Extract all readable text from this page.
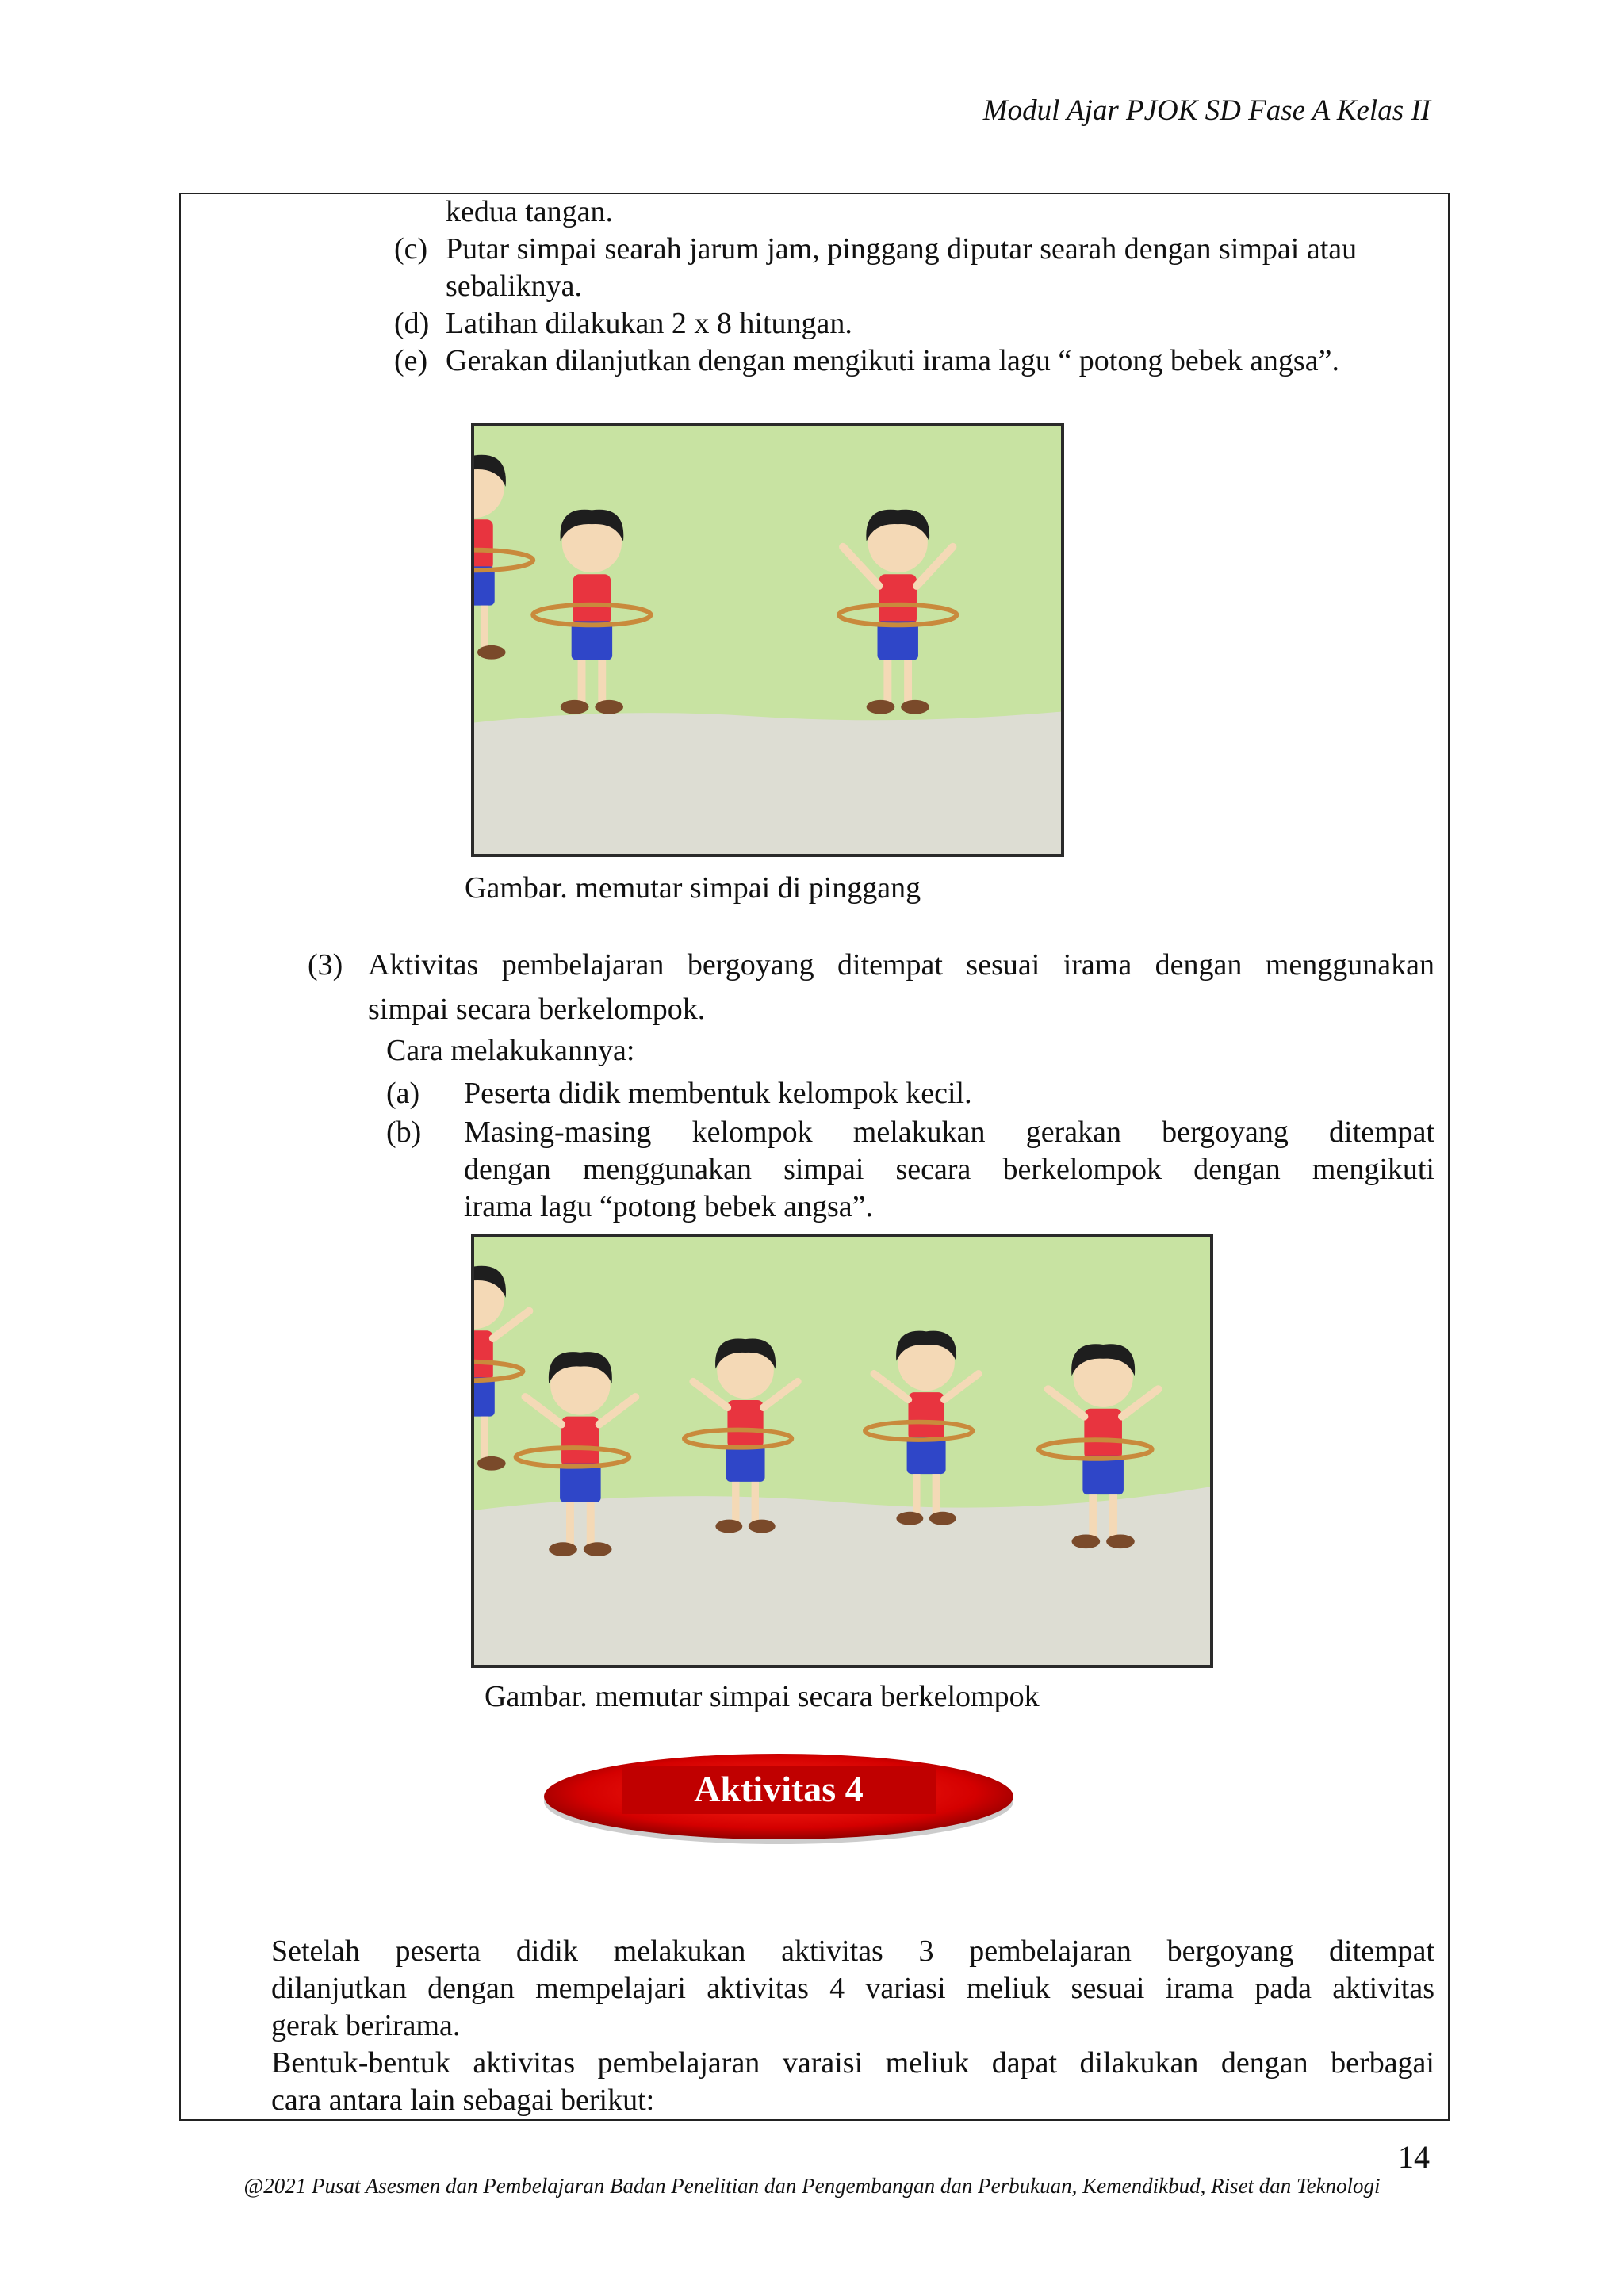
Modul Ajar PJOK SD Fase A Kelas II
kedua tangan.
(c) Putar simpai searah jarum jam, pinggang diputar searah dengan simpai atau
sebaliknya.
(d) Latihan dilakukan 2 x 8 hitungan.
(e) Gerakan dilanjutkan dengan mengikuti irama lagu “ potong bebek angsa”.
Gambar. memutar simpai di pinggang
(3) Aktivitas pembelajaran bergoyang ditempat sesuai irama dengan menggunakan
simpai secara berkelompok.
Cara melakukannya:
(a) Peserta didik membentuk kelompok kecil.
(b) Masing-masing kelompok melakukan gerakan bergoyang ditempat
dengan menggunakan simpai secara berkelompok dengan mengikuti
irama lagu “potong bebek angsa”.
Gambar. memutar simpai secara berkelompok
Aktivitas 4
Setelah peserta didik melakukan aktivitas 3 pembelajaran bergoyang ditempat
dilanjutkan dengan mempelajari aktivitas 4 variasi meliuk sesuai irama pada aktivitas
gerak berirama.
Bentuk-bentuk aktivitas pembelajaran varaisi meliuk dapat dilakukan dengan berbagai
cara antara lain sebagai berikut:
14
@2021 Pusat Asesmen dan Pembelajaran Badan Penelitian dan Pengembangan dan Perbukuan, Kemendikbud, Riset dan Teknologi
